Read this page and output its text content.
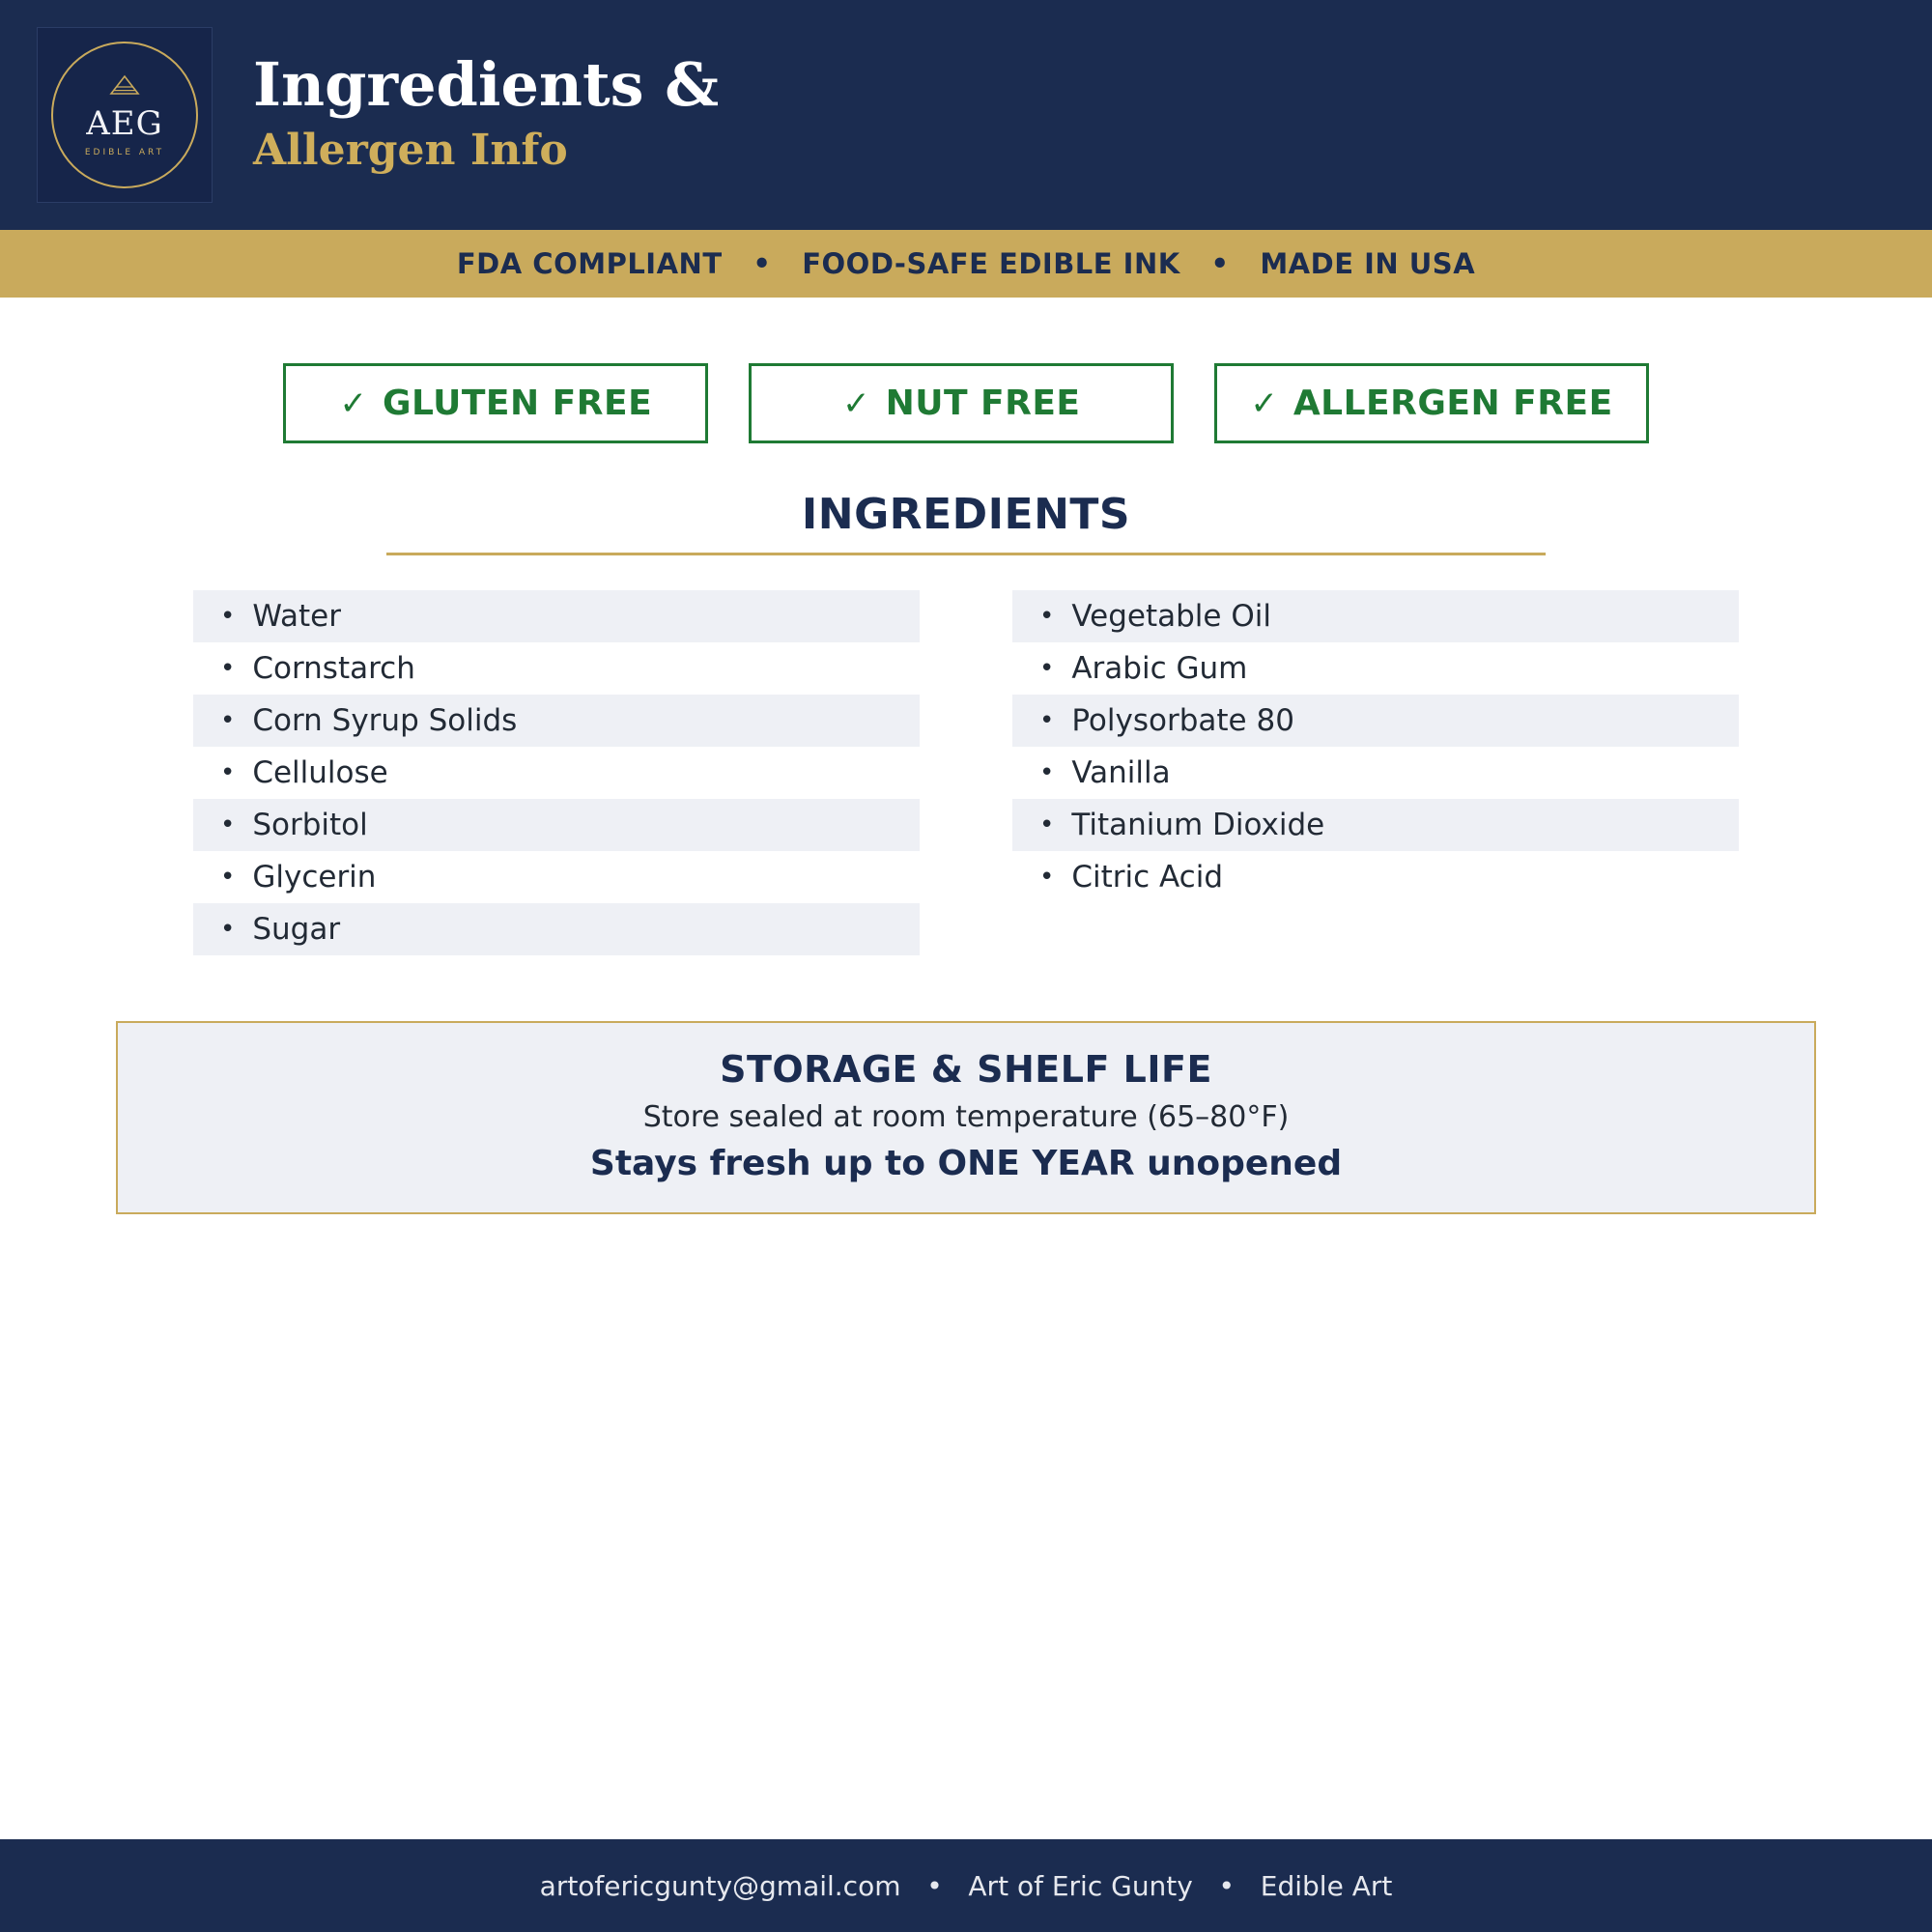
AEG
EDIBLE ART
Ingredients &
Allergen Info
FDA COMPLIANT   •   FOOD-SAFE EDIBLE INK   •   MADE IN USA
✓ GLUTEN FREE	✓ NUT FREE	✓ ALLERGEN FREE
INGREDIENTS
• Water
• Cornstarch
• Corn Syrup Solids
• Cellulose
• Sorbitol
• Glycerin
• Sugar
• Vegetable Oil
• Arabic Gum
• Polysorbate 80
• Vanilla
• Titanium Dioxide
• Citric Acid
STORAGE & SHELF LIFE
Store sealed at room temperature (65–80°F)
Stays fresh up to ONE YEAR unopened
artofericgunty@gmail.com   •   Art of Eric Gunty   •   Edible Art
